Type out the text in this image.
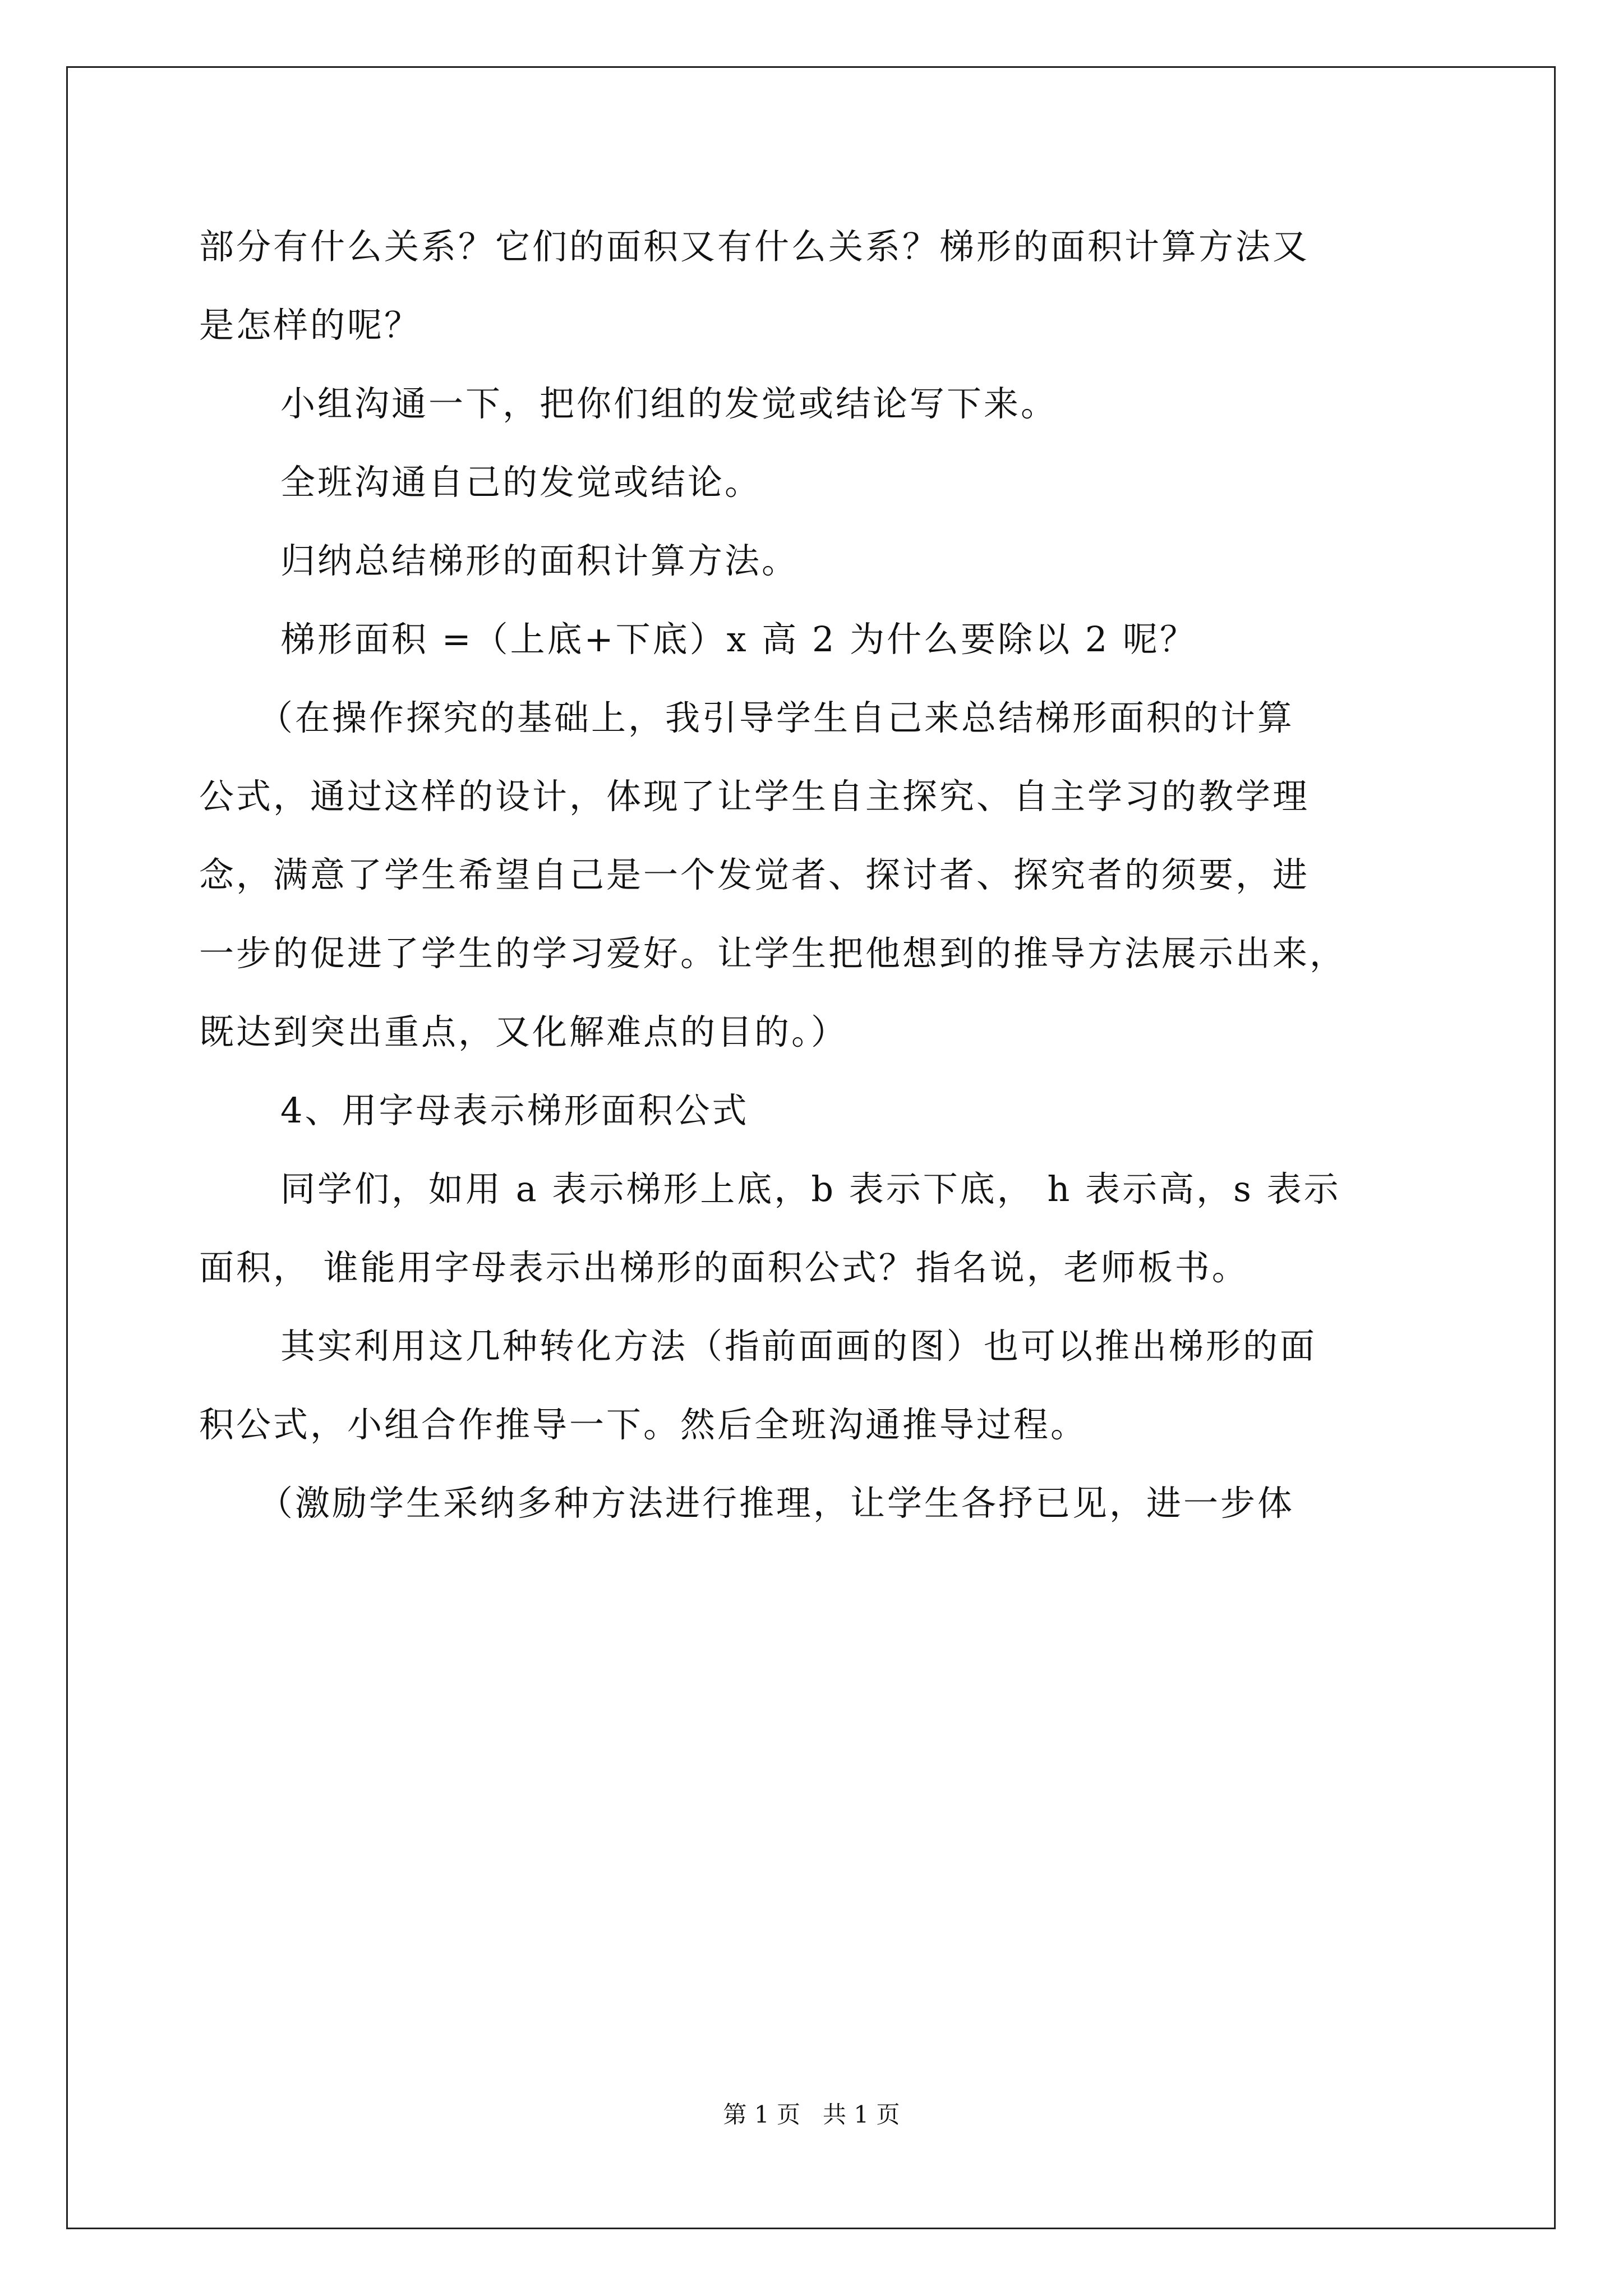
部分有什么关系？它们的面积又有什么关系？梯形的面积计算方法又
是怎样的呢？
小组沟通一下，把你们组的发觉或结论写下来。
全班沟通自己的发觉或结论。
归纳总结梯形的面积计算方法。
梯形面积 =（上底+下底）x 高 2 为什么要除以 2 呢？
（在操作探究的基础上，我引导学生自己来总结梯形面积的计算
公式，通过这样的设计，体现了让学生自主探究、自主学习的教学理
念，满意了学生希望自己是一个发觉者、探讨者、探究者的须要，进
一步的促进了学生的学习爱好。让学生把他想到的推导方法展示出来，
既达到突出重点，又化解难点的目的。）
4、用字母表示梯形面积公式
同学们，如用 a 表示梯形上底，b 表示下底， h 表示高，s 表示
面积， 谁能用字母表示出梯形的面积公式？指名说，老师板书。
其实利用这几种转化方法（指前面画的图）也可以推出梯形的面
积公式，小组合作推导一下。然后全班沟通推导过程。
（激励学生采纳多种方法进行推理，让学生各抒已见，进一步体
第 1 页   共 1 页
